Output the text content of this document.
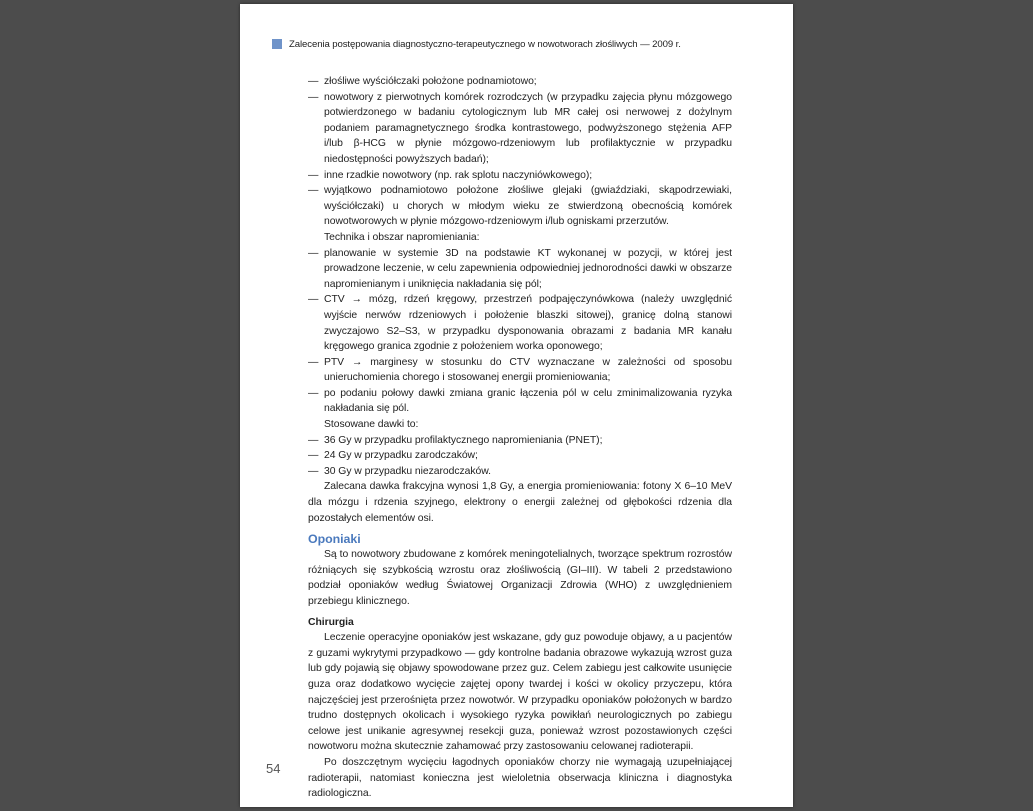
Zalecenia postępowania diagnostyczno-terapeutycznego w nowotworach złośliwych — 2009 r.
— złośliwe wyściółczaki położone podnamiotowo;
— nowotwory z pierwotnych komórek rozrodczych (w przypadku zajęcia płynu mózgowego potwierdzonego w badaniu cytologicznym lub MR całej osi nerwowej z dożylnym podaniem paramagnetycznego środka kontrastowego, podwyższonego stężenia AFP i/lub β-HCG w płynie mózgowo-rdzeniowym lub profilaktycznie w przypadku niedostępności powyższych badań);
— inne rzadkie nowotwory (np. rak splotu naczyniówkowego);
— wyjątkowo podnamiotowo położone złośliwe glejaki (gwiaździaki, skąpodrzewiaki, wyściółczaki) u chorych w młodym wieku ze stwierdzoną obecnością komórek nowotworowych w płynie mózgowo-rdzeniowym i/lub ogniskami przerzutów.
Technika i obszar napromieniania:
— planowanie w systemie 3D na podstawie KT wykonanej w pozycji, w której jest prowadzone leczenie, w celu zapewnienia odpowiedniej jednorodności dawki w obszarze napromienianym i uniknięcia nakładania się pól;
— CTV → mózg, rdzeń kręgowy, przestrzeń podpajęczynówkowa (należy uwzględnić wyjście nerwów rdzeniowych i położenie blaszki sitowej), granicę dolną stanowi zwyczajowo S2–S3, w przypadku dysponowania obrazami z badania MR kanału kręgowego granica zgodnie z położeniem worka oponowego;
— PTV → marginesy w stosunku do CTV wyznaczane w zależności od sposobu unieruchomienia chorego i stosowanej energii promieniowania;
— po podaniu połowy dawki zmiana granic łączenia pól w celu zminimalizowania ryzyka nakładania się pól.
Stosowane dawki to:
— 36 Gy w przypadku profilaktycznego napromieniania (PNET);
— 24 Gy w przypadku zarodczaków;
— 30 Gy w przypadku niezarodczaków.
Zalecana dawka frakcyjna wynosi 1,8 Gy, a energia promieniowania: fotony X 6–10 MeV dla mózgu i rdzenia szyjnego, elektrony o energii zależnej od głębokości rdzenia dla pozostałych elementów osi.
Oponiaki
Są to nowotwory zbudowane z komórek meningotelialnych, tworzące spektrum rozrostów różniących się szybkością wzrostu oraz złośliwością (GI–III). W tabeli 2 przedstawiono podział oponiaków według Światowej Organizacji Zdrowia (WHO) z uwzględnieniem przebiegu klinicznego.
Chirurgia
Leczenie operacyjne oponiaków jest wskazane, gdy guz powoduje objawy, a u pacjentów z guzami wykrytymi przypadkowo — gdy kontrolne badania obrazowe wykazują wzrost guza lub gdy pojawią się objawy spowodowane przez guz. Celem zabiegu jest całkowite usunięcie guza oraz dodatkowo wycięcie zajętej opony twardej i kości w okolicy przyczepu, która najczęściej jest przerośnięta przez nowotwór. W przypadku oponiaków położonych w bardzo trudno dostępnych okolicach i wysokiego ryzyka powikłań neurologicznych po zabiegu celowe jest unikanie agresywnej resekcji guza, ponieważ wzrost pozostawionych części nowotworu można skutecznie zahamować przy zastosowaniu celowanej radioterapii.
Po doszczętnym wycięciu łagodnych oponiaków chorzy nie wymagają uzupełniającej radioterapii, natomiast konieczna jest wieloletnia obserwacja kliniczna i diagnostyka radiologiczna.
54
